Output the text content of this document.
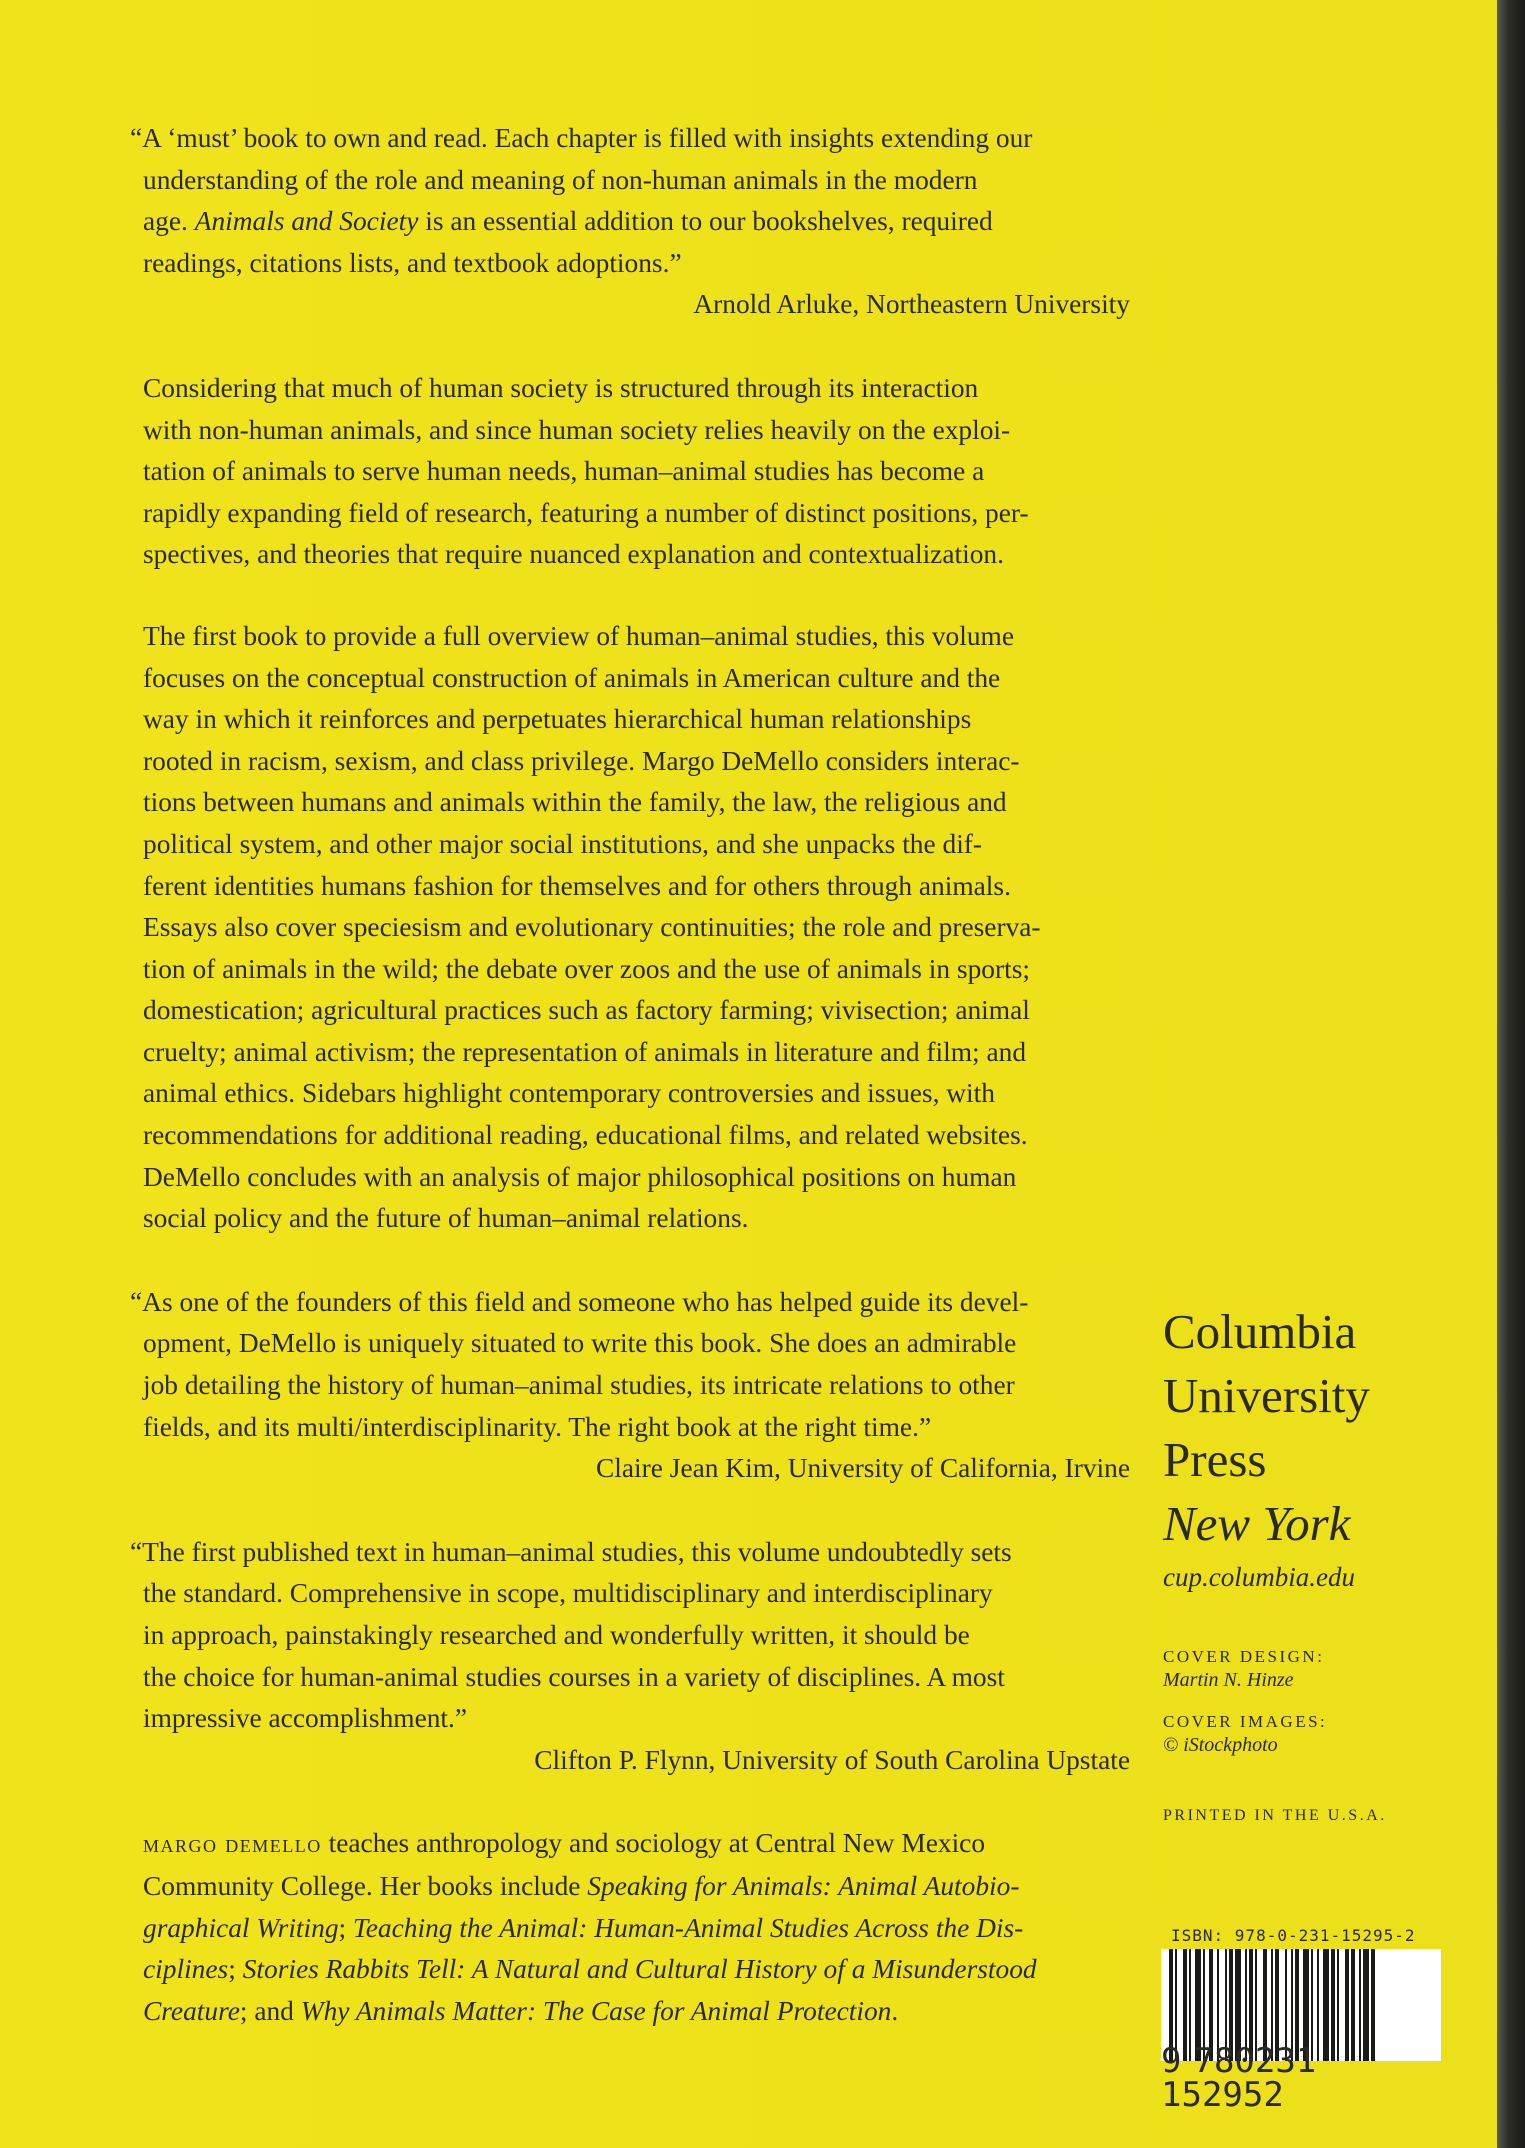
“A ‘must’ book to own and read. Each chapter is filled with insights extending our
understanding of the role and meaning of non-human animals in the modern
age. Animals and Society is an essential addition to our bookshelves, required
readings, citations lists, and textbook adoptions.”

Arnold Arluke, Northeastern University

Considering that much of human society is structured through its interaction
with non-human animals, and since human society relies heavily on the exploi-
tation of animals to serve human needs, human–animal studies has become a
rapidly expanding field of research, featuring a number of distinct positions, per-
spectives, and theories that require nuanced explanation and contextualization.

The first book to provide a full overview of human–animal studies, this volume
focuses on the conceptual construction of animals in American culture and the
way in which it reinforces and perpetuates hierarchical human relationships
rooted in racism, sexism, and class privilege. Margo DeMello considers interac-
tions between humans and animals within the family, the law, the religious and
political system, and other major social institutions, and she unpacks the dif-
ferent identities humans fashion for themselves and for others through animals.
Essays also cover speciesism and evolutionary continuities; the role and preserva-
tion of animals in the wild; the debate over zoos and the use of animals in sports;
domestication; agricultural practices such as factory farming; vivisection; animal
cruelty; animal activism; the representation of animals in literature and film; and
animal ethics. Sidebars highlight contemporary controversies and issues, with
recommendations for additional reading, educational films, and related websites.
DeMello concludes with an analysis of major philosophical positions on human
social policy and the future of human–animal relations.

“As one of the founders of this field and someone who has helped guide its devel-
opment, DeMello is uniquely situated to write this book. She does an admirable
job detailing the history of human–animal studies, its intricate relations to other
fields, and its multi/interdisciplinarity. The right book at the right time.”

Claire Jean Kim, University of California, Irvine

“The first published text in human–animal studies, this volume undoubtedly sets
the standard. Comprehensive in scope, multidisciplinary and interdisciplinary
in approach, painstakingly researched and wonderfully written, it should be
the choice for human-animal studies courses in a variety of disciplines. A most
impressive accomplishment.”

Clifton P. Flynn, University of South Carolina Upstate

margo demello teaches anthropology and sociology at Central New Mexico
Community College. Her books include Speaking for Animals: Animal Autobio-
graphical Writing; Teaching the Animal: Human-Animal Studies Across the Dis-
ciplines; Stories Rabbits Tell: A Natural and Cultural History of a Misunderstood
Creature; and Why Animals Matter: The Case for Animal Protection.

Columbia

University

Press

New York

cup.columbia.edu

COVER DESIGN:

Martin N. Hinze

COVER IMAGES:

© iStockphoto

PRINTED IN THE U.S.A.
ISBN: 978-0-231-15295-2
9 780231152952
